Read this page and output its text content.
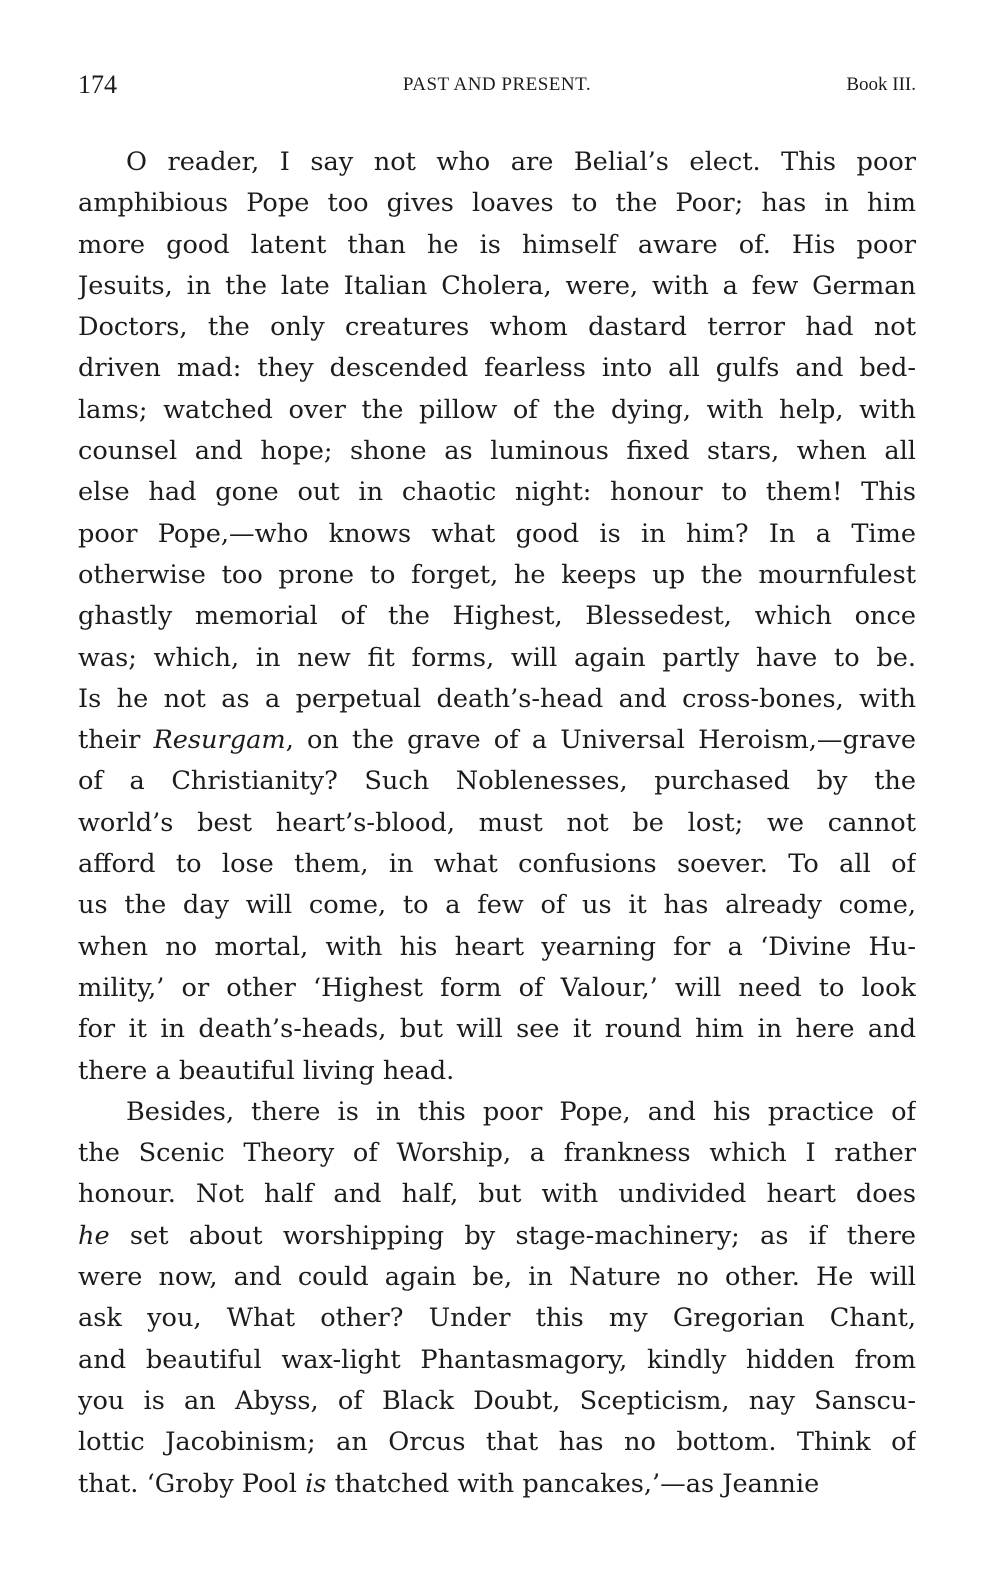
174	PAST AND PRESENT.	Book III.
O reader, I say not who are Belial’s elect. This poor
amphibious Pope too gives loaves to the Poor; has in him
more good latent than he is himself aware of. His poor
Jesuits, in the late Italian Cholera, were, with a few German
Doctors, the only creatures whom dastard terror had not
driven mad: they descended fearless into all gulfs and bed-
lams; watched over the pillow of the dying, with help, with
counsel and hope; shone as luminous fixed stars, when all
else had gone out in chaotic night: honour to them! This
poor Pope,—who knows what good is in him? In a Time
otherwise too prone to forget, he keeps up the mournfulest
ghastly memorial of the Highest, Blessedest, which once
was; which, in new fit forms, will again partly have to be.
Is he not as a perpetual death’s-head and cross-bones, with
their Resurgam, on the grave of a Universal Heroism,—grave
of a Christianity? Such Noblenesses, purchased by the
world’s best heart’s-blood, must not be lost; we cannot
afford to lose them, in what confusions soever. To all of
us the day will come, to a few of us it has already come,
when no mortal, with his heart yearning for a ‘Divine Hu-
mility,’ or other ‘Highest form of Valour,’ will need to look
for it in death’s-heads, but will see it round him in here and
there a beautiful living head.
Besides, there is in this poor Pope, and his practice of
the Scenic Theory of Worship, a frankness which I rather
honour. Not half and half, but with undivided heart does
he set about worshipping by stage-machinery; as if there
were now, and could again be, in Nature no other. He will
ask you, What other? Under this my Gregorian Chant,
and beautiful wax-light Phantasmagory, kindly hidden from
you is an Abyss, of Black Doubt, Scepticism, nay Sanscu-
lottic Jacobinism; an Orcus that has no bottom. Think of
that. ‘Groby Pool is thatched with pancakes,’—as Jeannie
